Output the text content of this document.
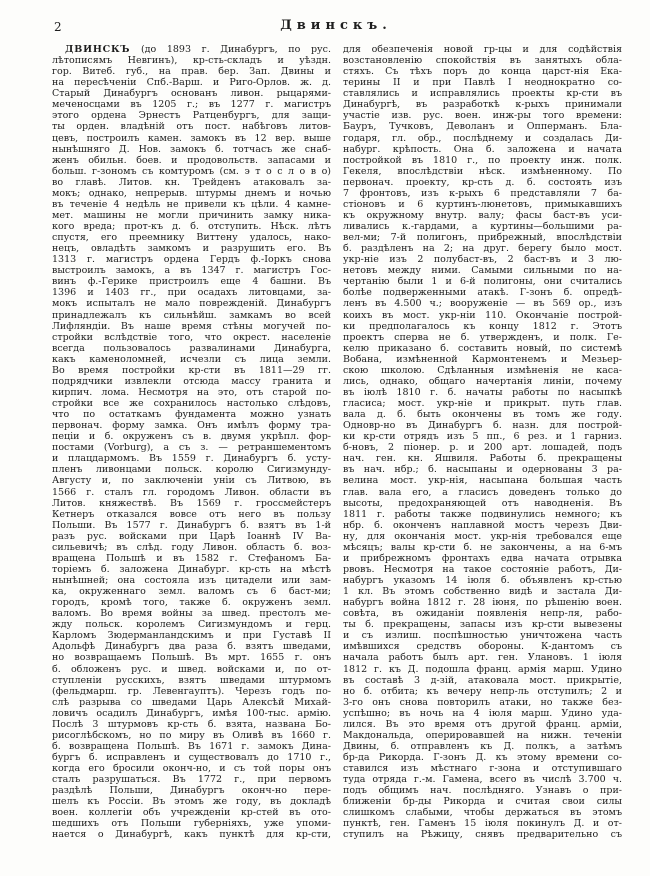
2	Двинскъ.
ДВИНСКЪ (до 1893 г. Динабургъ, по рус.
лѣтописямъ Невгинъ), кр-сть-складъ и уѣздн.
гор. Витеб. губ., на прав. бер. Зап. Двины и
на пересѣченіи Спб.-Варш. и Риго-Орлов. ж. д.
Старый Динабургъ основанъ ливон. рыцарями-
меченосцами въ 1205 г.; въ 1277 г. магистръ
этого ордена Эрнестъ Ратценбургъ, для защи-
ты орден. владѣній отъ пост. набѣговъ литов-
цевъ, построилъ камен. замокъ въ 12 вер. выше
нынѣшняго Д. Нов. замокъ б. тотчасъ же снаб-
женъ обильн. боев. и продовольств. запасами и
больш. г-зономъ съ комтуромъ (см. э т о с л о в о)
во главѣ. Литов. кн. Трейденъ атаковалъ за-
мокъ; однако, непрерыв. штурмы днемъ и ночью
въ теченіе 4 недѣль не привели къ цѣли. 4 камне-
мет. машины не могли причинить замку ника-
кого вреда; прот-къ д. б. отступить. Нѣск. лѣтъ
спустя, его преемнику Виттену удалось, нако-
нецъ, овладѣть замкомъ и разрушить его. Въ
1313 г. магистръ ордена Гердъ ф.-Іоркъ снова
выстроилъ замокъ, а въ 1347 г. магистръ Гос-
винъ ф.-Герике пристроилъ еще 4 башни. Въ
1396 и 1403 гг., при осадахъ литовцами, за-
мокъ испыталъ не мало поврежденій. Динабургъ
принадлежалъ къ сильнѣйш. замкамъ во всей
Лифляндіи. Въ наше время стѣны могучей по-
стройки вслѣдствіе того, что окрест. населеніе
всегда пользовалось развалинами Динабурга,
какъ каменоломней, исчезли съ лица земли.
Во время постройки кр-сти въ 1811—29 гг.
подрядчики извлекли отсюда массу гранита и
кирпич. лома. Несмотря на это, отъ старой по-
стройки все же сохранилось настолько слѣдовъ,
что по остаткамъ фундамента можно узнать
первонач. форму замка. Онъ имѣлъ форму тра-
пеціи и б. окруженъ съ в. двумя укрѣпл. фор-
постами (Vorburg), а съ з. — ретраншементомъ
и плацдармомъ. Въ 1559 г. Динабургъ б. усту-
пленъ ливонцами польск. королю Сигизмунду-
Августу и, по заключеніи уніи съ Литвою, въ
1566 г. сталъ гл. городомъ Ливон. области въ
Литов. княжествѣ. Въ 1569 г. гроссмейстеръ
Кетнеръ отказался вовсе отъ него въ пользу
Польши. Въ 1577 г. Динабургъ б. взятъ въ 1-й
разъ рус. войсками при Царѣ Іоаннѣ IV Ва-
сильевичѣ; въ слѣд. году Ливон. область б. воз-
вращена Польшѣ и въ 1582 г. Стефаномъ Ба-
торіемъ б. заложена Динабург. кр-сть на мѣстѣ
нынѣшней; она состояла изъ цитадели или зам-
ка, окруженнаго земл. валомъ съ 6 баст-ми;
городъ, кромѣ того, также б. окруженъ земл.
валомъ. Во время войны за швед. престолъ ме-
жду польск. королемъ Сигизмундомъ и герц.
Карломъ Зюдерманландскимъ и при Густавѣ II
Адольфѣ Динабургъ два раза б. взятъ шведами,
но возвращаемъ Польшѣ. Въ мрт. 1655 г. онъ
б. обложенъ рус. и швед. войсками и, по от-
ступленіи русскихъ, взятъ шведами штурмомъ
(фельдмарш. гр. Левенгауптъ). Черезъ годъ по-
слѣ разрыва со шведами Царь Алексѣй Михай-
ловичъ осадилъ Динабургъ, имѣя 100-тыс. армію.
Послѣ 3 штурмовъ кр-сть б. взята, названа Бо-
рисоглѣбскомъ, но по миру въ Оливѣ въ 1660 г.
б. возвращена Польшѣ. Въ 1671 г. замокъ Дина-
бургъ б. исправленъ и существовалъ до 1710 г.,
когда его бросили оконч-но, и съ той поры онъ
сталъ разрушаться. Въ 1772 г., при первомъ
раздѣлѣ Польши, Динабургъ оконч-но пере-
шелъ къ Россіи. Въ этомъ же году, въ докладѣ
воен. коллегіи объ учрежденіи кр-стей въ ото-
шедшихъ отъ Польши губерніяхъ, уже упоми-
нается о Динабургѣ, какъ пунктѣ для кр-сти,
для обезпеченія новой гр-цы и для содѣйствія
возстановленію спокойствія въ занятыхъ обла-
стяхъ. Съ тѣхъ поръ до конца царст-нія Ека-
терины II и при Павлѣ I неоднократно со-
ставлялись и исправлялись проекты кр-сти въ
Динабургѣ, въ разработкѣ к-рыхъ принимали
участіе изв. рус. воен. инж-ры того времени:
Бауръ, Тучковъ, Деволанъ и Опперманъ. Бла-
годаря, гл. обр., послѣднему и создалась Ди-
набург. крѣпость. Она б. заложена и начата
постройкой въ 1810 г., по проекту инж. полк.
Гекеля, впослѣдствіи нѣск. измѣненному. По
первонач. проекту, кр-сть д. б. состоять изъ
7 фронтовъ, изъ к-рыхъ 6 представляли 7 ба-
стіоновъ и 6 куртинъ-люнетовъ, примыкавшихъ
къ окружному внутр. валу; фасы баст-въ уси-
ливались к.-гардами, а куртины—большими ра-
вел-ми; 7-й полигонъ, прибрежный, впослѣдствіи
б. раздѣленъ на 2; на друг. берегу было мост.
укр-ніе изъ 2 полубаст-въ, 2 баст-въ и 3 лю-
нетовъ между ними. Самыми сильными по на-
чертанію были 1 и 6-й полигоны, они считались
болѣе подверженными атакѣ. Г-зонъ б. опредѣ-
ленъ въ 4.500 ч.; вооруженіе — въ 569 ор., изъ
коихъ въ мост. укр-ніи 110. Окончаніе построй-
ки предполагалось къ концу 1812 г. Этотъ
проектъ сперва не б. утвержденъ, и полк. Ге-
келю приказано б. составить новый, по системѣ
Вобана, измѣненной Кармонтенемъ и Мезьер-
скою школою. Сдѣланныя измѣненія не каса-
лись, однако, общаго начертанія линіи, почему
въ іюлѣ 1810 г. б. начаты работы по насыпкѣ
гласиса; мост. укр-ніе и прикрыт. путь глав.
вала д. б. быть окончены въ томъ же году.
Одновр-но въ Динабургъ б. назн. для построй-
ки кр-сти отрядъ изъ 5 пп., 6 рез. и 1 гарниз.
б-новъ, 2 піонер. р. и 200 арт. лошадей, подъ
нач. ген. кн. Яшвиля. Работы б. прекращены
въ нач. нбр.; б. насыпаны и одернованы 3 ра-
велина мост. укр-нія, насыпана большая часть
глав. вала его, а гласисъ доведенъ только до
высоты, предохраняющей отъ наводненія. Въ
1811 г. работы также подвинулись немного; къ
нбр. б. оконченъ наплавной мостъ черезъ Дви-
ну, для окончанія мост. укр-нія требовался еще
мѣсяцъ; валы кр-сти б. не закончены, а на 6-мъ
и прибрежномъ фронтахъ едва начата отрывка
рвовъ. Несмотря на такое состояніе работъ, Ди-
набургъ указомъ 14 іюля б. объявленъ кр-стью
1 кл. Въ этомъ собственно видѣ и застала Ди-
набургъ война 1812 г. 28 іюня, по рѣшенію воен.
совѣта, въ ожиданіи появленія непр-ля, рабо-
ты б. прекращены, запасы изъ кр-сти вывезены
и съ излиш. поспѣшностью уничтожена часть
имѣвшихся средствъ обороны. К-дантомъ съ
начала работъ былъ арт. ген. Улановъ. 1 іюля
1812 г. къ Д. подошла франц. армія марш. Удино
въ составѣ 3 д-зій, атаковала мост. прикрытіе,
но б. отбита; къ вечеру непр-ль отступилъ; 2 и
3-го онъ снова повторилъ атаки, но также без-
успѣшно; въ ночь на 4 іюля марш. Удино уда-
лился. Въ это время отъ другой франц. арміи,
Макдональда, оперировавшей на нижн. теченіи
Двины, б. отправленъ къ Д. полкъ, а затѣмъ
бр-да Рикорда. Г-зонъ Д. къ этому времени со-
ставился изъ мѣстнаго г-зона и отступившаго
туда отряда г.-м. Гамена, всего въ числѣ 3.700 ч.
подъ общимъ нач. послѣдняго. Узнавъ о при-
ближеніи бр-ды Рикорда и считая свои силы
слишкомъ слабыми, чтобы держаться въ этомъ
пунктѣ, ген. Гаменъ 15 іюля покинулъ Д. и от-
ступилъ на Рѣжицу, снявъ предварительно съ
